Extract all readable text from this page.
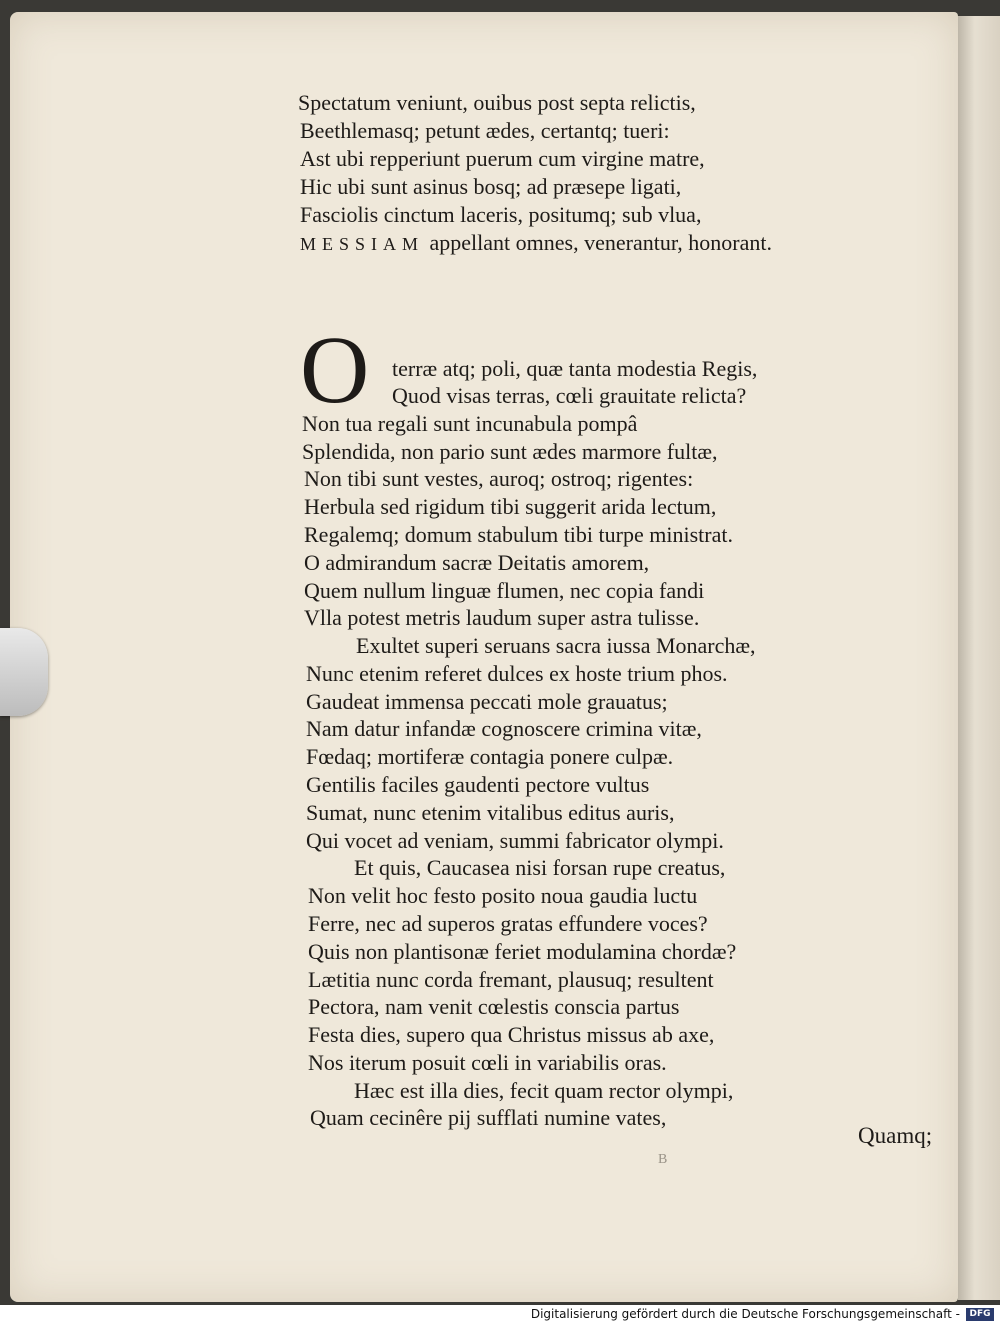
Spectatum veniunt, ouibus post septa relictis,
Beethlemasq; petunt ædes, certantq; tueri:
Ast ubi repperiunt puerum cum virgine matre,
Hic ubi sunt asinus bosq; ad præsepe ligati,
Fasciolis cinctum laceris, positumq; sub vlua,
MESSIAM appellant omnes, venerantur, honorant.
O terræ atq; poli, quæ tanta modestia Regis,
Quod visas terras, cœli grauitate relicta?
Non tua regali sunt incunabula pompâ
Splendida, non pario sunt ædes marmore fultæ,
Non tibi sunt vestes, auroq; ostroq; rigentes:
Herbula sed rigidum tibi suggerit arida lectum,
Regalemq; domum stabulum tibi turpe ministrat.
O admirandum sacræ Deitatis amorem,
Quem nullum linguæ flumen, nec copia fandi
Vlla potest metris laudum super astra tulisse.
Exultet superi seruans sacra iussa Monarchæ,
Nunc etenim referet dulces ex hoste trium phos.
Gaudeat immensa peccati mole grauatus;
Nam datur infandæ cognoscere crimina vitæ,
Fœdaq; mortiferæ contagia ponere culpæ.
Gentilis faciles gaudenti pectore vultus
Sumat, nunc etenim vitalibus editus auris,
Qui vocet ad veniam, summi fabricator olympi.
Et quis, Caucasea nisi forsan rupe creatus,
Non velit hoc festo posito noua gaudia luctu
Ferre, nec ad superos gratas effundere voces?
Quis non plantisonæ feriet modulamina chordæ?
Lætitia nunc corda fremant, plausuq; resultent
Pectora, nam venit cœlestis conscia partus
Festa dies, supero qua Christus missus ab axe,
Nos iterum posuit cœli in variabilis oras.
Hæc est illa dies, fecit quam rector olympi,
Quam cecinêre pij sufflati numine vates,
Quamq;
B
Digitalisierung gefördert durch die Deutsche Forschungsgemeinschaft -	DFG
